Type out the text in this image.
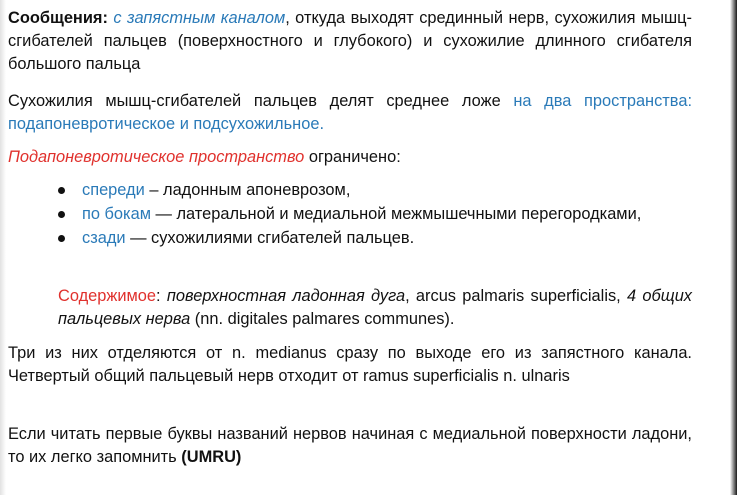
Сообщения: с запястным каналом, откуда выходят срединный нерв, сухожилия мышц-сгибателей пальцев (поверхностного и глубокого) и сухожилие длинного сгибателя большого пальца

Сухожилия мышц-сгибателей пальцев делят среднее ложе на два пространства: подапоневротическое и подсухожильное.

Подапоневротическое пространство ограничено:

спереди – ладонным апоневрозом,
по бокам — латеральной и медиальной межмышечными перегородками,
сзади — сухожилиями сгибателей пальцев.

Содержимое: поверхностная ладонная дуга, arcus palmaris superficialis, 4 общих пальцевых нерва (nn. digitales palmares communes).

Три из них отделяются от n. medianus сразу по выходе его из запястного канала. Четвертый общий пальцевый нерв отходит от ramus superficialis n. ulnaris

Если читать первые буквы названий нервов начиная с медиальной поверхности ладони, то их легко запомнить (UMRU)
